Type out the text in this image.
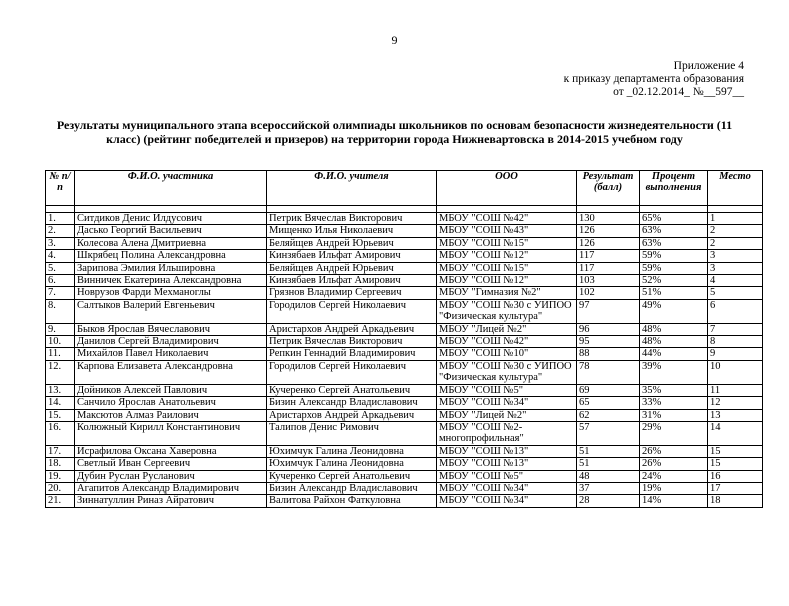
9
Приложение 4
к приказу департамента образования
от _02.12.2014_ №__597__
Результаты муниципального этапа всероссийской олимпиады школьников по основам безопасности жизнедеятельности (11 класс) (рейтинг победителей и призеров) на территории города Нижневартовска в 2014-2015 учебном году
№ п/п	Ф.И.О. участника	Ф.И.О. учителя	ООО	Результат (балл)	Процент выполнения	Место

1.	Ситдиков Денис Илдусович	Петрик Вячеслав Викторович	МБОУ "СОШ №42"	130	65%	1
2.	Дасько Георгий Васильевич	Мищенко Илья Николаевич	МБОУ "СОШ №43"	126	63%	2
3.	Колесова Алена Дмитриевна	Беляйщев Андрей Юрьевич	МБОУ "СОШ №15"	126	63%	2
4.	Шкрябец Полина Александровна	Кинзябаев Ильфат Амирович	МБОУ "СОШ №12"	117	59%	3
5.	Зарипова Эмилия Ильшировна	Беляйщев Андрей Юрьевич	МБОУ "СОШ №15"	117	59%	3
6.	Винничек Екатерина Александровна	Кинзябаев Ильфат Амирович	МБОУ "СОШ №12"	103	52%	4
7.	Новрузов Фарди Мехманоглы	Грязнов Владимир Сергеевич	МБОУ "Гимназия №2"	102	51%	5
8.	Салтыков Валерий Евгеньевич	Городилов Сергей Николаевич	МБОУ "СОШ №30 с УИПОО "Физическая культура"	97	49%	6
9.	Быков Ярослав Вячеславович	Аристархов Андрей Аркадьевич	МБОУ "Лицей №2"	96	48%	7
10.	Данилов Сергей Владимирович	Петрик Вячеслав Викторович	МБОУ "СОШ №42"	95	48%	8
11.	Михайлов Павел Николаевич	Репкин Геннадий Владимирович	МБОУ "СОШ №10"	88	44%	9
12.	Карпова Елизавета Александровна	Городилов Сергей Николаевич	МБОУ "СОШ №30 с УИПОО "Физическая культура"	78	39%	10
13.	Дойников Алексей Павлович	Кучеренко Сергей Анатольевич	МБОУ "СОШ №5"	69	35%	11
14.	Санчило Ярослав Анатольевич	Бизин Александр Владиславович	МБОУ "СОШ №34"	65	33%	12
15.	Максютов Алмаз Раилович	Аристархов Андрей Аркадьевич	МБОУ "Лицей №2"	62	31%	13
16.	Колюжный Кирилл Константинович	Талипов Денис Римович	МБОУ "СОШ №2- многопрофильная"	57	29%	14
17.	Исрафилова Оксана Хаверовна	Юхимчук Галина Леонидовна	МБОУ "СОШ №13"	51	26%	15
18.	Светлый Иван Сергеевич	Юхимчук Галина Леонидовна	МБОУ "СОШ №13"	51	26%	15
19.	Дубин Руслан Русланович	Кучеренко Сергей Анатольевич	МБОУ "СОШ №5"	48	24%	16
20.	Агапитов Александр Владимирович	Бизин Александр Владиславович	МБОУ "СОШ №34"	37	19%	17
21.	Зиннатуллин Риназ Айратович	Валитова Райхон Фаткуловна	МБОУ "СОШ №34"	28	14%	18
